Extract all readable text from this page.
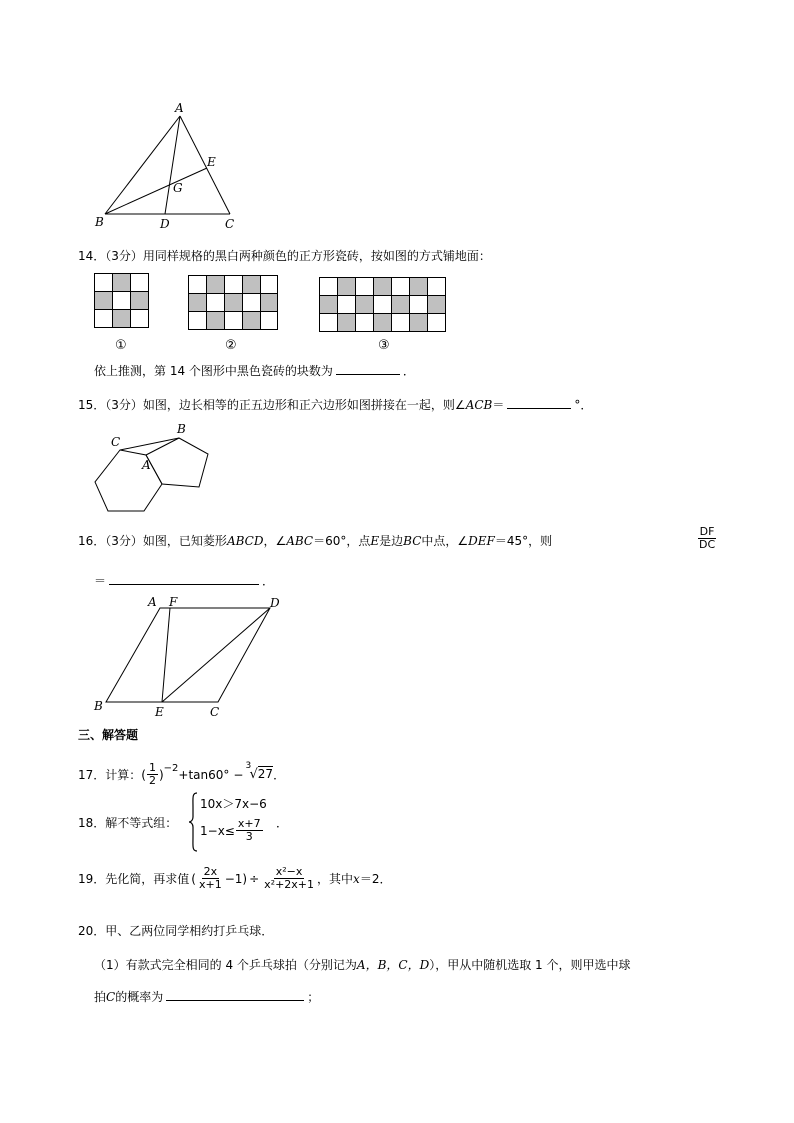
A
B	C
D
E
G
14．（3分）用同样规格的黑白两种颜色的正方形瓷砖，按如图的方式铺地面：
①	②	③
依上推测，第 14 个图形中黑色瓷砖的块数为	．
15．（3分）如图，边长相等的正五边形和正六边形如图拼接在一起，则∠ACB＝	°．
C
B
A
16．（3分）如图，已知菱形ABCD，∠ABC＝60°，点E是边BC中点，∠DEF＝45°，则	$\frac{DF}{DC}$
＝	．
A F	D
B	E	C
三、解答题
17． 计算： ( $\frac{1}{2} )^{-2} +\tan 60^\circ$ −
3
√27 ．
18．解不等式组：
10x＞7x−6
$1-x\le \frac{x+7}{3}$ ．
19． 先化简，再求值 ( $\frac{2x}{x+1} -1) \div \frac{\text{x²−x}}{\text{x²+2x+1}}$ ，其中 x ＝2．
20．甲、乙两位同学相约打乒乓球．
（1）有款式完全相同的 4 个乒乓球拍（分别记为A，B，C，D），甲从中随机选取 1 个，则甲选中球
拍C的概率为	；
